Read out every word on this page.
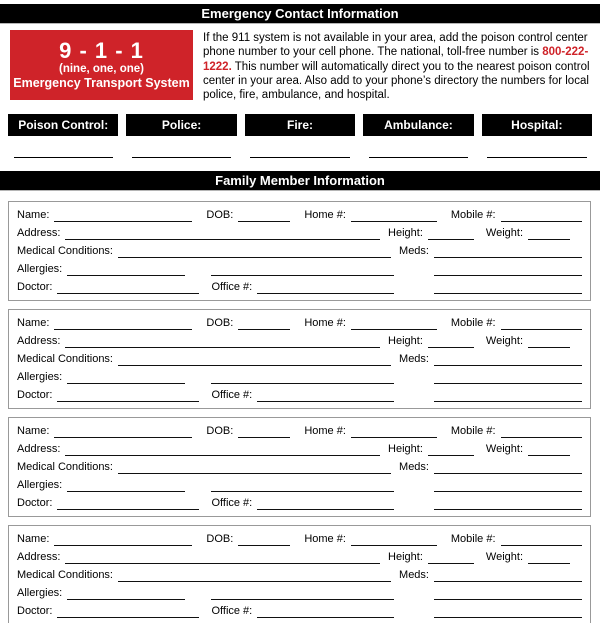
Emergency Contact Information
9 - 1 - 1
(nine, one, one)
Emergency Transport System

If the 911 system is not available in your area, add the poison control center phone number to your cell phone. The national, toll-free number is 800-222-1222. This number will automatically direct you to the nearest poison control center in your area. Also add to your phone’s directory the numbers for local police, fire, ambulance, and hospital.

Poison Control:	Police:	Fire:	Ambulance:	Hospital:
Family Member Information
Name:
	DOB:
	Home #:
	Mobile #:

Address:
	Height:
	Weight:

Medical Conditions:
	Meds:

Allergies:

Doctor:
	Office #:

Name:
	DOB:
	Home #:
	Mobile #:

Address:
	Height:
	Weight:

Medical Conditions:
	Meds:

Allergies:

Doctor:
	Office #:

Name:
	DOB:
	Home #:
	Mobile #:

Address:
	Height:
	Weight:

Medical Conditions:
	Meds:

Allergies:

Doctor:
	Office #:

Name:
	DOB:
	Home #:
	Mobile #:

Address:
	Height:
	Weight:

Medical Conditions:
	Meds:

Allergies:

Doctor:
	Office #:
